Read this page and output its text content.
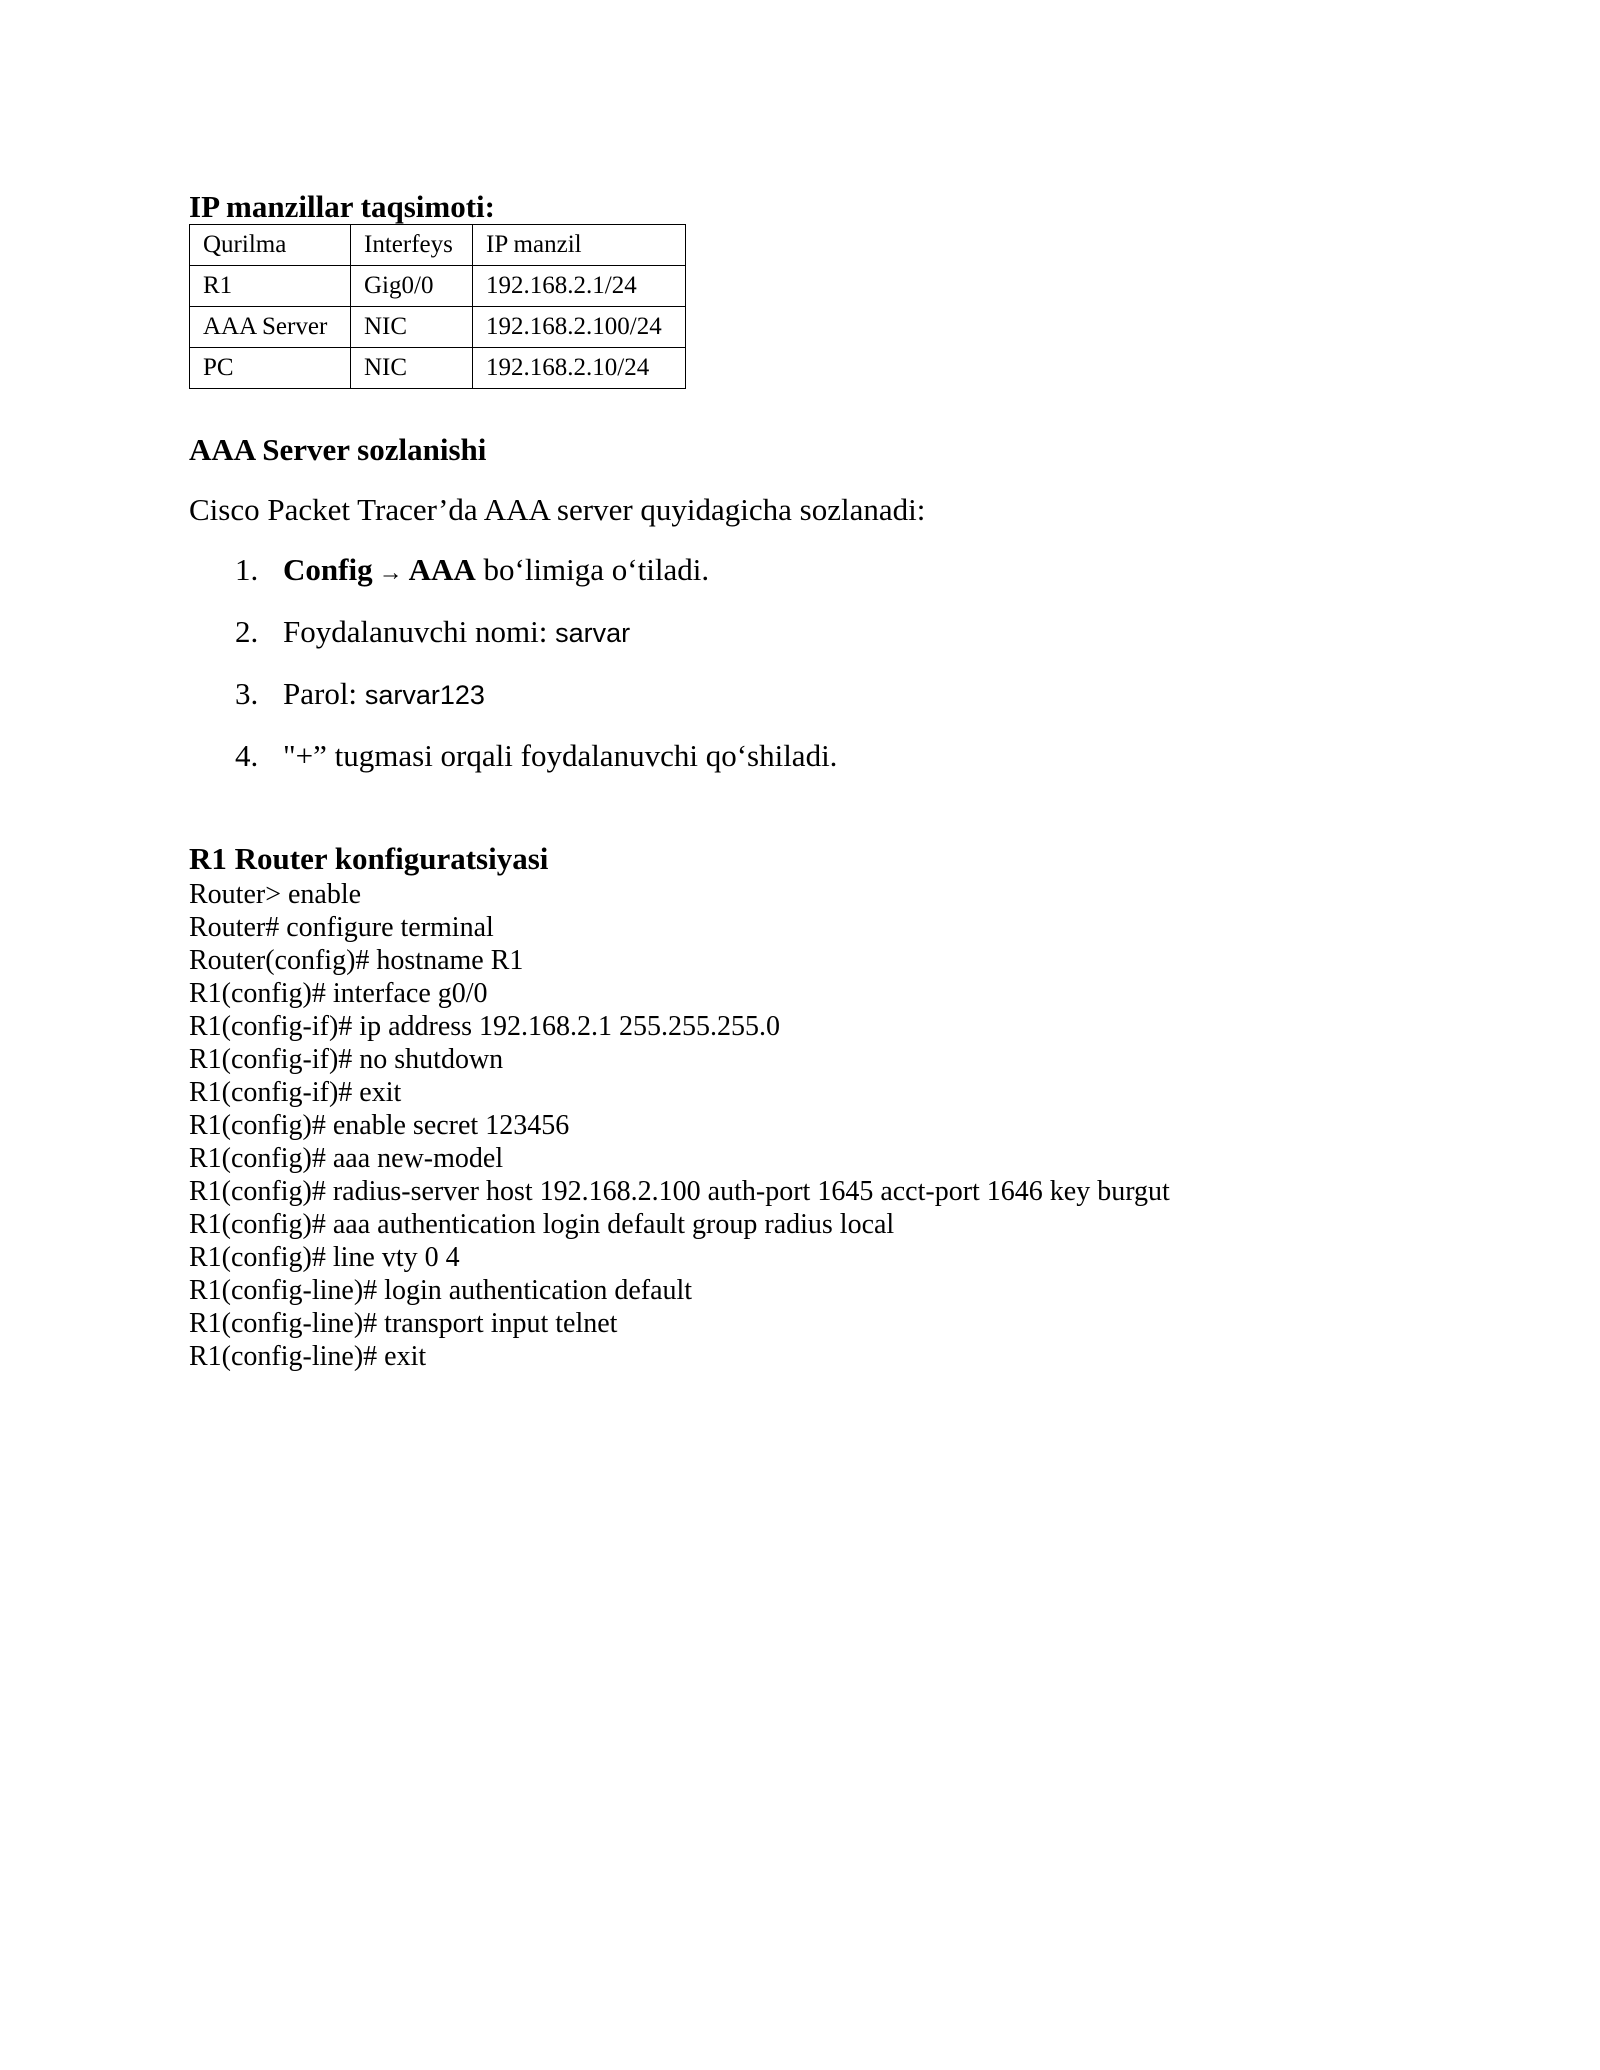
IP manzillar taqsimoti:
Qurilma	Interfeys	IP manzil
R1	Gig0/0	192.168.2.1/24
AAA Server	NIC	192.168.2.100/24
PC	NIC	192.168.2.10/24
AAA Server sozlanishi

Cisco Packet Tracer’da AAA server quyidagicha sozlanadi:

1. Config → AAA bo‘limiga o‘tiladi.
2. Foydalanuvchi nomi: sarvar
3. Parol: sarvar123
4. "+” tugmasi orqali foydalanuvchi qo‘shiladi.
R1 Router konfiguratsiyasi
Router> enable
Router# configure terminal
Router(config)# hostname R1
R1(config)# interface g0/0
R1(config-if)# ip address 192.168.2.1 255.255.255.0
R1(config-if)# no shutdown
R1(config-if)# exit
R1(config)# enable secret 123456
R1(config)# aaa new-model
R1(config)# radius-server host 192.168.2.100 auth-port 1645 acct-port 1646 key burgut
R1(config)# aaa authentication login default group radius local
R1(config)# line vty 0 4
R1(config-line)# login authentication default
R1(config-line)# transport input telnet
R1(config-line)# exit
